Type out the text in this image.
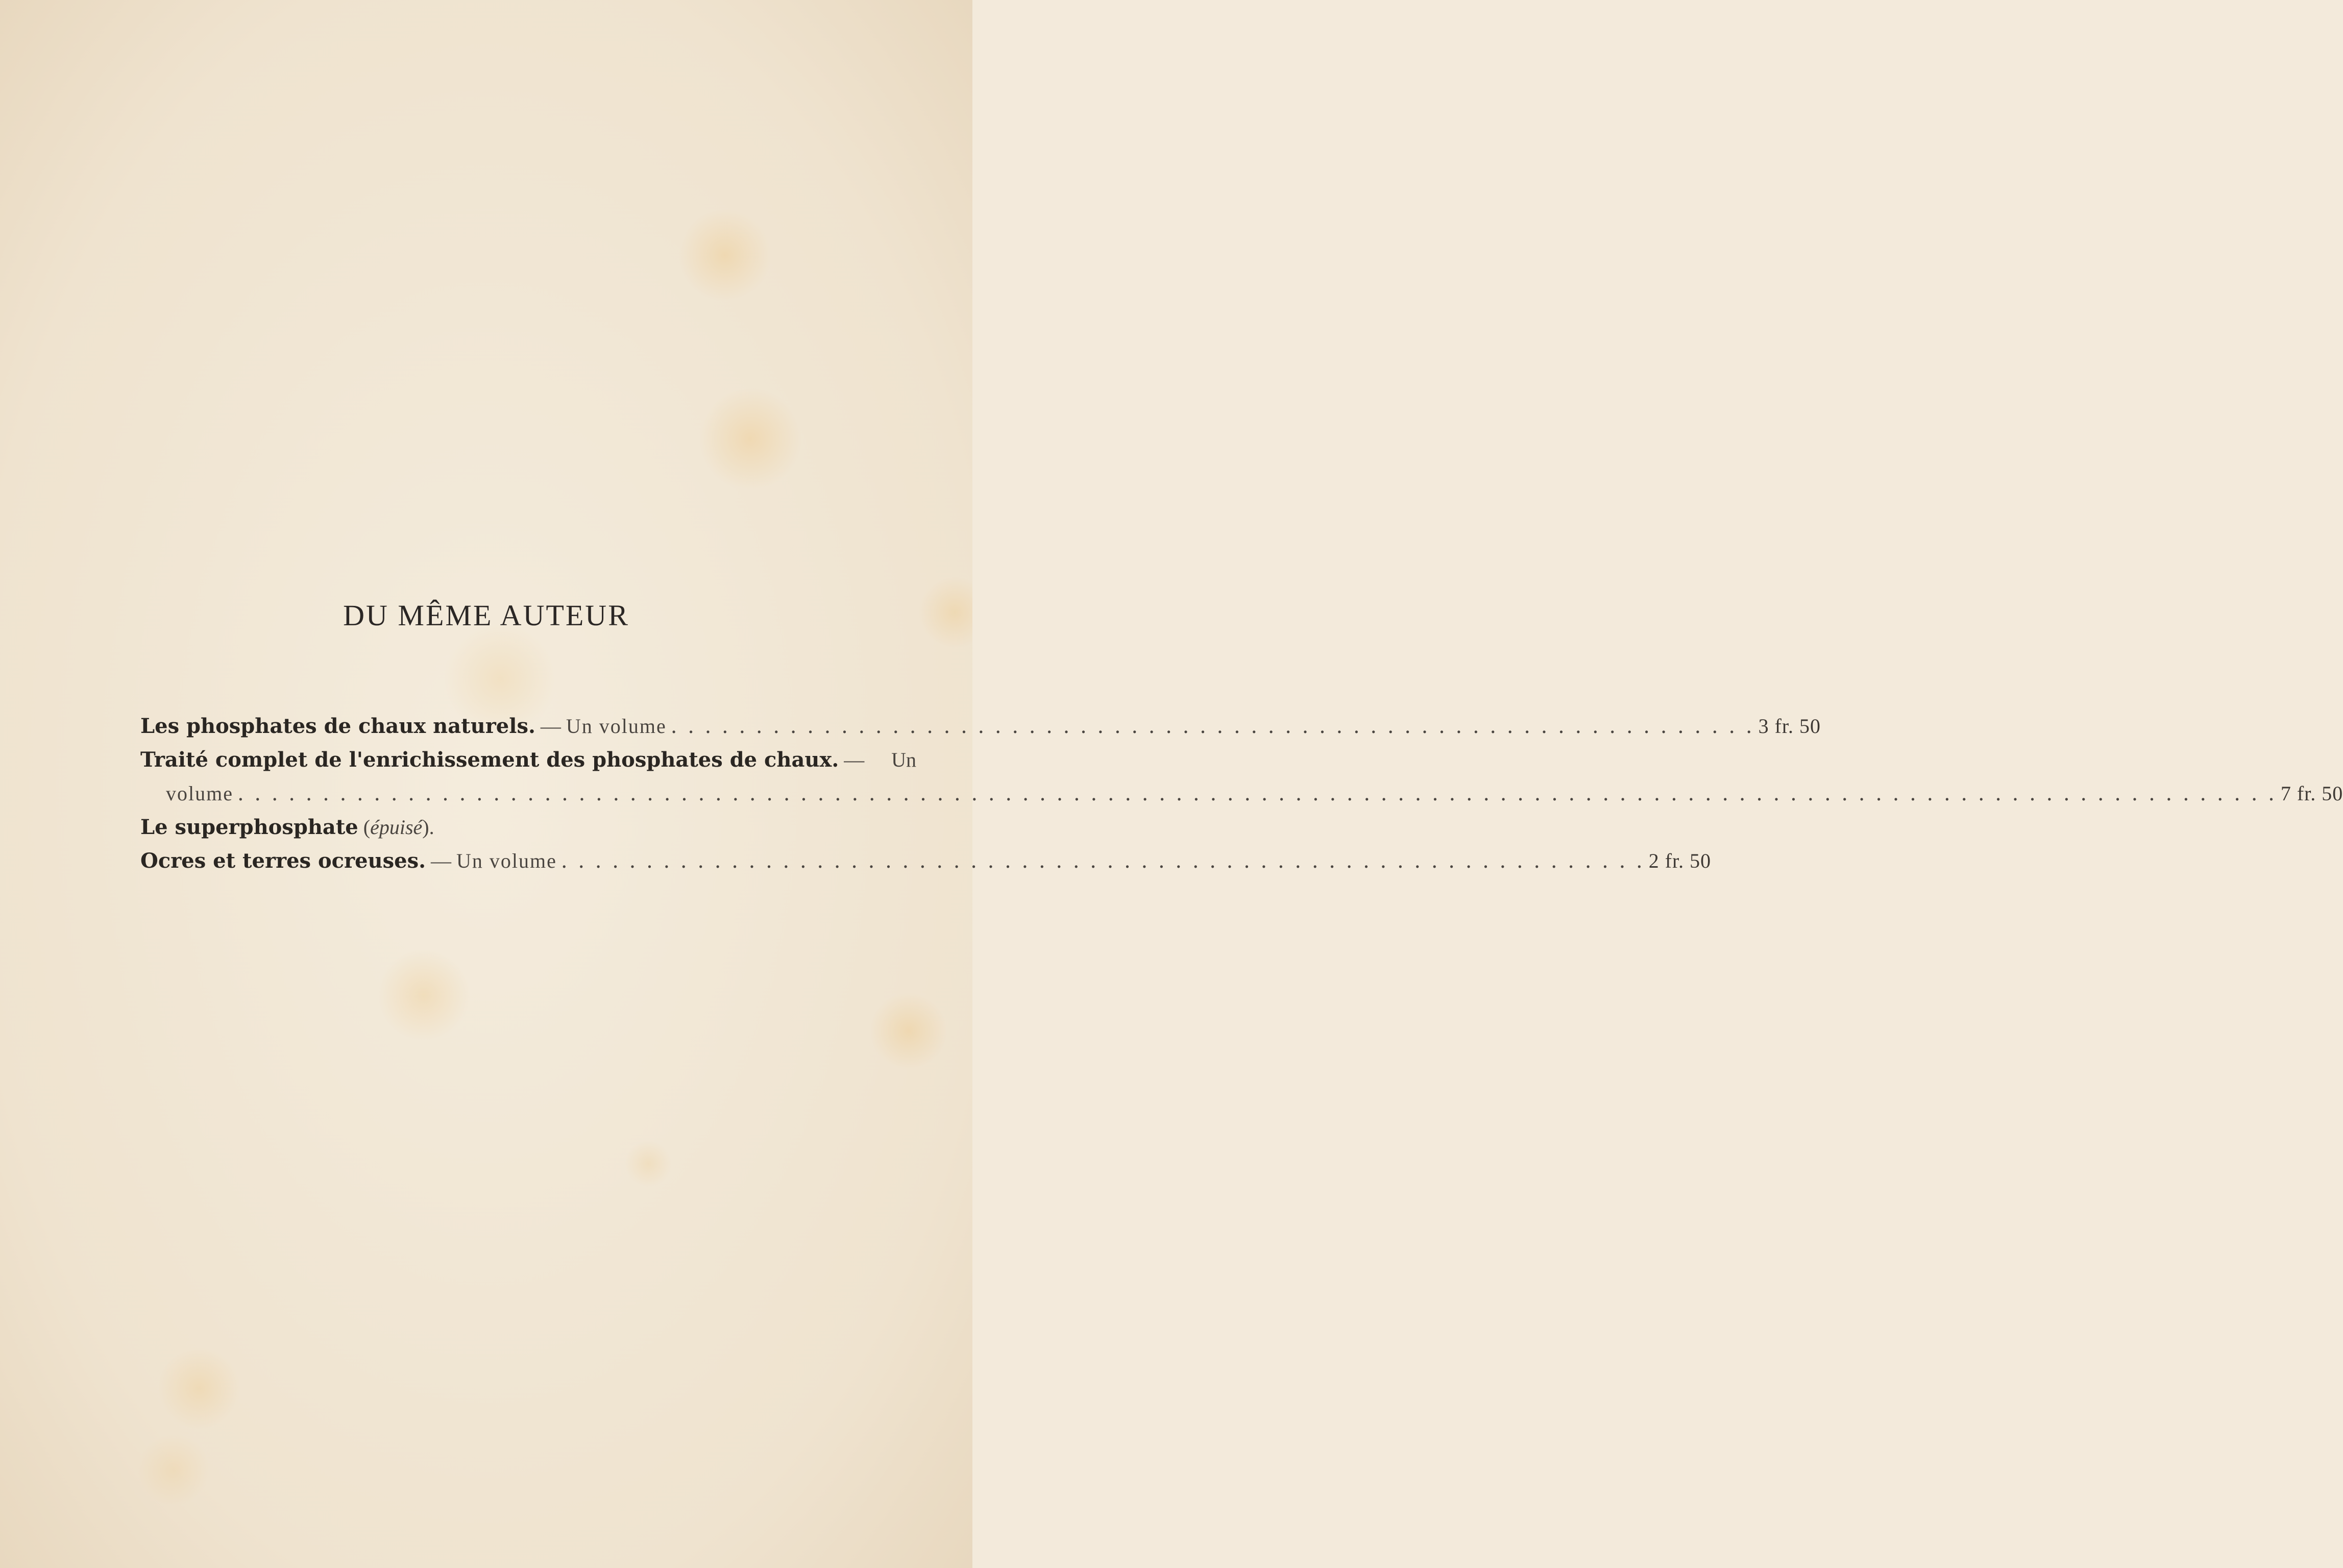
DU MÊME AUTEUR
Les phosphates de chaux naturels. — Un volume . . . . . . . . . . . . . . . . . . . . . . . . . . . . . . . . . . . . . . . . . . . . . . . . . . . . . . . . . . . . . . . . 3 fr. 50
Traité complet de l'enrichissement des phosphates de chaux. — Un
volume . . . . . . . . . . . . . . . . . . . . . . . . . . . . . . . . . . . . . . . . . . . . . . . . . . . . . . . . . . . . . . . . . . . . . . . . . . . . . . . . . . . . . . . . . . . . . . . . . . . . . . . . . . . . . . . . . . . . . . . . 7 fr. 50
Le superphosphate (épuisé).
Ocres et terres ocreuses. — Un volume . . . . . . . . . . . . . . . . . . . . . . . . . . . . . . . . . . . . . . . . . . . . . . . . . . . . . . . . . . . . . . . . 2 fr. 50
